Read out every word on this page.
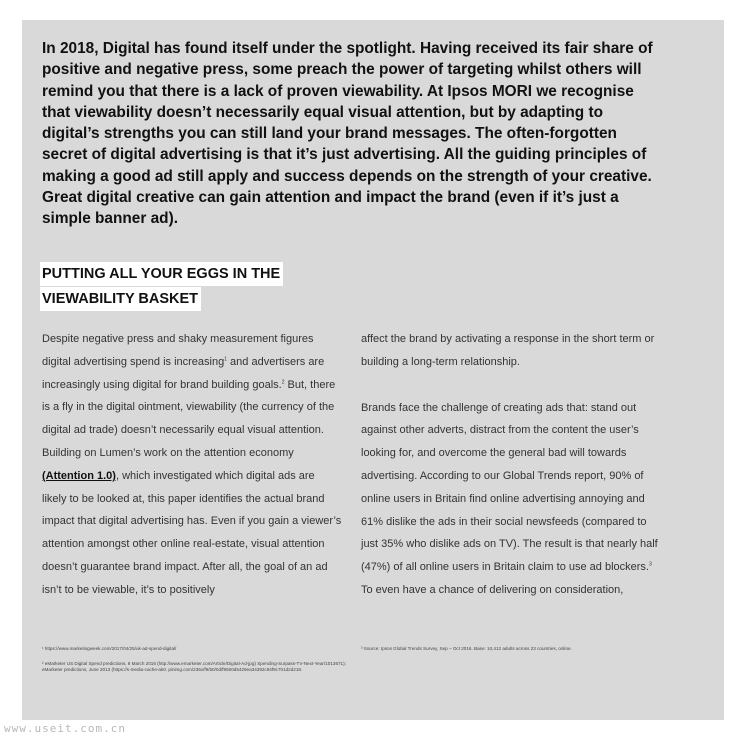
In 2018, Digital has found itself under the spotlight. Having received its fair share of positive and negative press, some preach the power of targeting whilst others will remind you that there is a lack of proven viewability. At Ipsos MORI we recognise that viewability doesn’t necessarily equal visual attention, but by adapting to digital’s strengths you can still land your brand messages. The often-forgotten secret of digital advertising is that it’s just advertising. All the guiding principles of making a good ad still apply and success depends on the strength of your creative. Great digital creative can gain attention and impact the brand (even if it’s just a simple banner ad).

PUTTING ALL YOUR EGGS IN THE
VIEWABILITY BASKET

Despite negative press and shaky measurement figures digital advertising spend is increasing$^1$ and advertisers are increasingly using digital for brand building goals.$^2$ But, there is a fly in the digital ointment, viewability (the currency of the digital ad trade) doesn’t necessarily equal visual attention. Building on Lumen’s work on the attention economy (Attention 1.0), which investigated which digital ads are likely to be looked at, this paper identifies the actual brand impact that digital advertising has. Even if you gain a viewer’s attention amongst other online real-estate, visual attention doesn’t guarantee brand impact. After all, the goal of an ad isn’t to be viewable, it’s to positively

affect the brand by activating a response in the short term or building a long-term relationship.

Brands face the challenge of creating ads that: stand out against other adverts, distract from the content the user’s looking for, and overcome the general bad will towards advertising. According to our Global Trends report, 90% of online users in Britain find online advertising annoying and 61% dislike the ads in their social newsfeeds (compared to just 35% who dislike ads on TV). The result is that nearly half (47%) of all online users in Britain claim to use ad blockers.$^3$ To even have a chance of delivering on consideration,

¹ https://www.marketingweek.com/2017/04/25/uk-ad-spend-digital/

² eMarketer US Digital Spend predictions, 8 March 2016 (http://www.emarketer.com/Article/Digital-Ad-jpg) Spending-Surpass-TV-Next-Year/1013671); eMarketer predictions, June 2013 (https://s-media-cache-ak0. pinimg.com/236x/f9/50/0d/f9500d5429ea34392c94f9c701d2d218.

³ Source: Ipsos Global Trends Survey, Sep – Oct 2016. Base: 10,412 adults across 23 countries, online.

www.useit.com.cn
